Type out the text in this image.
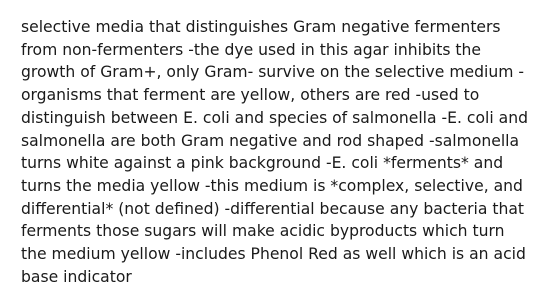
selective media that distinguishes Gram negative fermenters
from non-fermenters -the dye used in this agar inhibits the
growth of Gram+, only Gram- survive on the selective medium -
organisms that ferment are yellow, others are red -used to
distinguish between E. coli and species of salmonella -E. coli and
salmonella are both Gram negative and rod shaped -salmonella
turns white against a pink background -E. coli *ferments* and
turns the media yellow -this medium is *complex, selective, and
differential* (not defined) -differential because any bacteria that
ferments those sugars will make acidic byproducts which turn
the medium yellow -includes Phenol Red as well which is an acid
base indicator
